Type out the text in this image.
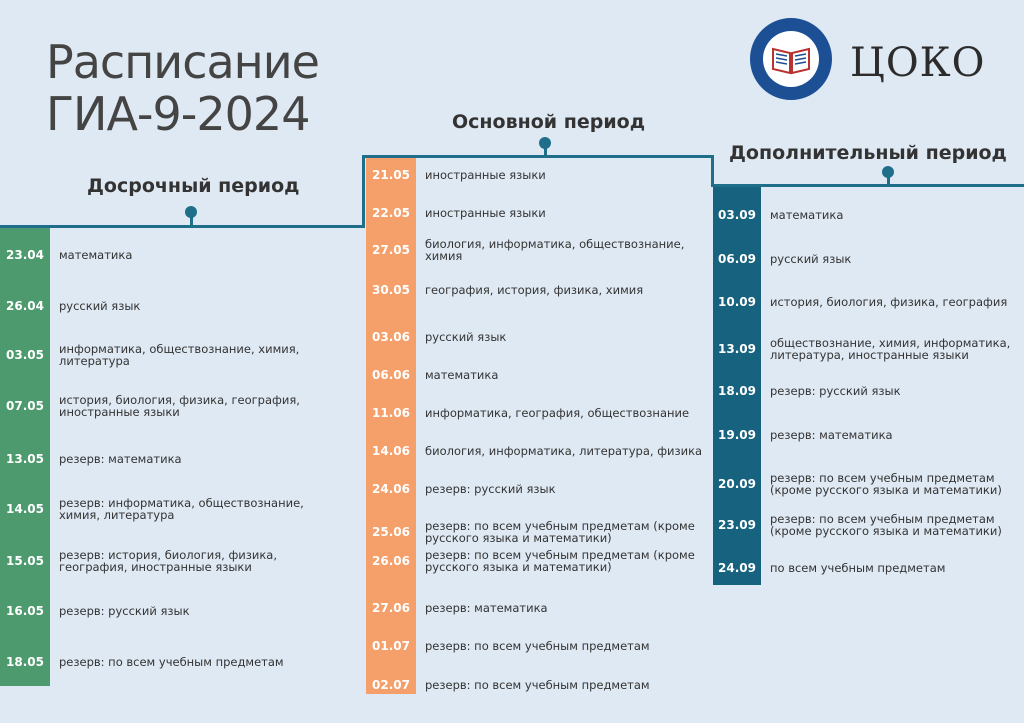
Расписание
ГИА-9-2024
ЦОКО
Досрочный период
Основной период
Дополнительный период
23.04	математика
26.04	русский язык
03.05	информатика, обществознание, химия, литература
07.05	история, биология, физика, география, иностранные языки
13.05	резерв: математика
14.05	резерв: информатика, обществознание, химия, литература
15.05	резерв: история, биология, физика, география, иностранные языки
16.05	резерв: русский язык
18.05	резерв: по всем учебным предметам
21.05	иностранные языки
22.05	иностранные языки
27.05	биология, информатика, обществознание, химия
30.05	география, история, физика, химия
03.06	русский язык
06.06	математика
11.06	информатика, география, обществознание
14.06	биология, информатика, литература, физика
24.06	резерв: русский язык
25.06	резерв: по всем учебным предметам (кроме русского языка и математики)
26.06	резерв: по всем учебным предметам (кроме русского языка и математики)
27.06	резерв: математика
01.07	резерв: по всем учебным предметам
02.07	резерв: по всем учебным предметам
03.09	математика
06.09	русский язык
10.09	история, биология, физика, география
13.09	обществознание, химия, информатика, литература, иностранные языки
18.09	резерв: русский язык
19.09	резерв: математика
20.09	резерв: по всем учебным предметам (кроме русского языка и математики)
23.09	резерв: по всем учебным предметам (кроме русского языка и математики)
24.09	по всем учебным предметам
